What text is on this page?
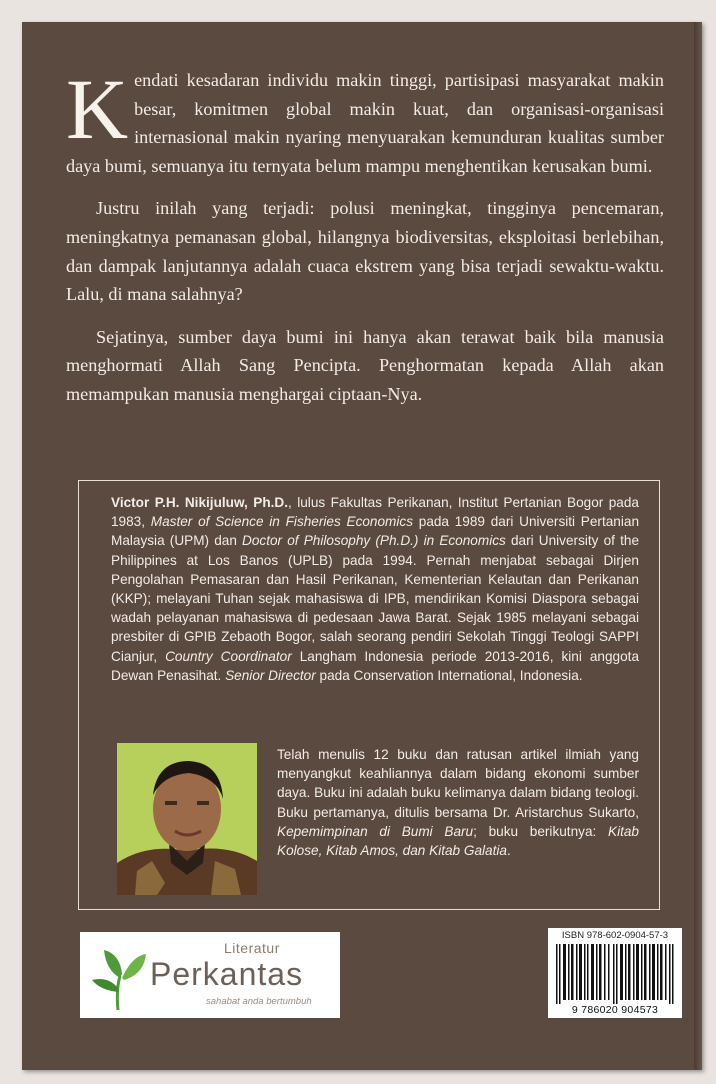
Kendati kesadaran individu makin tinggi, partisipasi masyarakat makin besar, komitmen global makin kuat, dan organisasi-organisasi internasional makin nyaring menyuarakan kemunduran kualitas sumber daya bumi, semuanya itu ternyata belum mampu menghentikan kerusakan bumi.

Justru inilah yang terjadi: polusi meningkat, tingginya pencemaran, meningkatnya pemanasan global, hilangnya biodiversitas, eksploitasi berlebihan, dan dampak lanjutannya adalah cuaca ekstrem yang bisa terjadi sewaktu-waktu. Lalu, di mana salahnya?

Sejatinya, sumber daya bumi ini hanya akan terawat baik bila manusia menghormati Allah Sang Pencipta. Penghormatan kepada Allah akan memampukan manusia menghargai ciptaan-Nya.

Victor P.H. Nikijuluw, Ph.D., lulus Fakultas Perikanan, Institut Pertanian Bogor pada 1983, Master of Science in Fisheries Economics pada 1989 dari Universiti Pertanian Malaysia (UPM) dan Doctor of Philosophy (Ph.D.) in Economics dari University of the Philippines at Los Banos (UPLB) pada 1994. Pernah menjabat sebagai Dirjen Pengolahan Pemasaran dan Hasil Perikanan, Kementerian Kelautan dan Perikanan (KKP); melayani Tuhan sejak mahasiswa di IPB, mendirikan Komisi Diaspora sebagai wadah pelayanan mahasiswa di pedesaan Jawa Barat. Sejak 1985 melayani sebagai presbiter di GPIB Zebaoth Bogor, salah seorang pendiri Sekolah Tinggi Teologi SAPPI Cianjur, Country Coordinator Langham Indonesia periode 2013-2016, kini anggota Dewan Penasihat. Senior Director pada Conservation International, Indonesia.
Telah menulis 12 buku dan ratusan artikel ilmiah yang menyangkut keahliannya dalam bidang ekonomi sumber daya. Buku ini adalah buku kelimanya dalam bidang teologi. Buku pertamanya, ditulis bersama Dr. Aristarchus Sukarto, Kepemimpinan di Bumi Baru; buku berikutnya: Kitab Kolose, Kitab Amos, dan Kitab Galatia.
Literatur
Perkantas
sahabat anda bertumbuh
ISBN 978-602-0904-57-3
9 786020 904573
